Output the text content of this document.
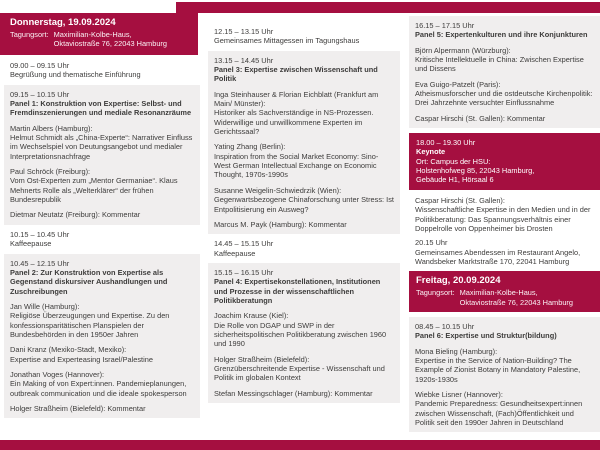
Donnerstag, 19.09.2024
Tagungsort: Maximilian-Kolbe-Haus,
Oktaviostraße 76, 22043 Hamburg
09.00 – 09.15 Uhr
Begrüßung und thematische Einführung
09.15 – 10.15 Uhr
Panel 1: Konstruktion von Expertise: Selbst- und Fremdinszenierungen und mediale Resonanzräume
Martin Albers (Hamburg):
Helmut Schmidt als „China-Experte“: Narrativer Einfluss im Wechselspiel von Deutungsangebot und medialer Interpretationsnachfrage
Paul Schröck (Freiburg):
Vom Ost-Experten zum „Mentor Germaniae“. Klaus Mehnerts Rolle als „Welterklärer“ der frühen Bundesrepublik
Dietmar Neutatz (Freiburg): Kommentar
10.15 – 10.45 Uhr
Kaffeepause
10.45 – 12.15 Uhr
Panel 2: Zur Konstruktion von Expertise als Gegenstand diskursiver Aushandlungen und Zuschreibungen
Jan Wille (Hamburg):
Religiöse Überzeugungen und Expertise. Zu den konfessionsparitätischen Planspielen der Bundesbehörden in den 1950er Jahren
Dani Kranz (Mexiko-Stadt, Mexiko):
Expertise and Experteasing Israel/Palestine
Jonathan Voges (Hannover):
Ein Making of von Expert:innen. Pandemieplanungen, outbreak communication und die ideale spokesperson
Holger Straßheim (Bielefeld): Kommentar
12.15 – 13.15 Uhr
Gemeinsames Mittagessen im Tagungshaus
13.15 – 14.45 Uhr
Panel 3: Expertise zwischen Wissenschaft und Politik
Inga Steinhauser & Florian Eichblatt (Frankfurt am Main/ Münster):
Historiker als Sachverständige in NS-Prozessen. Widerwillige und unwillkommene Experten im Gerichtssaal?
Yating Zhang (Berlin):
Inspiration from the Social Market Economy: Sino-West German Intellectual Exchange on Economic Thought, 1970s-1990s
Susanne Weigelin-Schwiedrzik (Wien):
Gegenwartsbezogene Chinaforschung unter Stress: Ist Entpolitisierung ein Ausweg?
Marcus M. Payk (Hamburg): Kommentar
14.45 – 15.15 Uhr
Kaffeepause
15.15 – 16.15 Uhr
Panel 4: Expertisekonstellationen, Institutionen und Prozesse in der wissenschaftlichen Politikberatungn
Joachim Krause (Kiel):
Die Rolle von DGAP und SWP in der sicherheitspolitischen Politikberatung zwischen 1960 und 1990
Holger Straßheim (Bielefeld):
Grenzüberschreitende Expertise - Wissenschaft und Politik im globalen Kontext
Stefan Messingschlager (Hamburg): Kommentar
16.15 – 17.15 Uhr
Panel 5: Expertenkulturen und ihre Konjunkturen
Björn Alpermann (Würzburg):
Kritische Intellektuelle in China: Zwischen Expertise und Dissens
Eva Guigo-Patzelt (Paris):
Atheismusforscher und die ostdeutsche Kirchenpolitik: Drei Jahrzehnte versuchter Einflussnahme
Caspar Hirschi (St. Gallen): Kommentar
18.00 – 19.30 Uhr
Keynote
Ort: Campus der HSU:
Holstenhofweg 85, 22043 Hamburg,
Gebäude H1, Hörsaal 6
Caspar Hirschi (St. Gallen):
Wissenschaftliche Expertise in den Medien und in der Politikberatung: Das Spannungsverhältnis einer Doppelrolle von Oppenheimer bis Drosten
20.15 Uhr
Gemeinsames Abendessen im Restaurant Angelo, Wandsbeker Marktstraße 170, 22041 Hamburg
Freitag, 20.09.2024
Tagungsort: Maximilian-Kolbe-Haus,
Oktaviostraße 76, 22043 Hamburg
08.45 – 10.15 Uhr
Panel 6: Expertise und Struktur(bildung)
Mona Bieling (Hamburg):
Expertise in the Service of Nation-Building? The Example of Zionist Botany in Mandatory Palestine, 1920s-1930s
Wiebke Lisner (Hannover):
Pandemic Preparedness: Gesundheitsexpert:innen zwischen Wissenschaft, (Fach)Öffentlichkeit und Politik seit den 1990er Jahren in Deutschland
